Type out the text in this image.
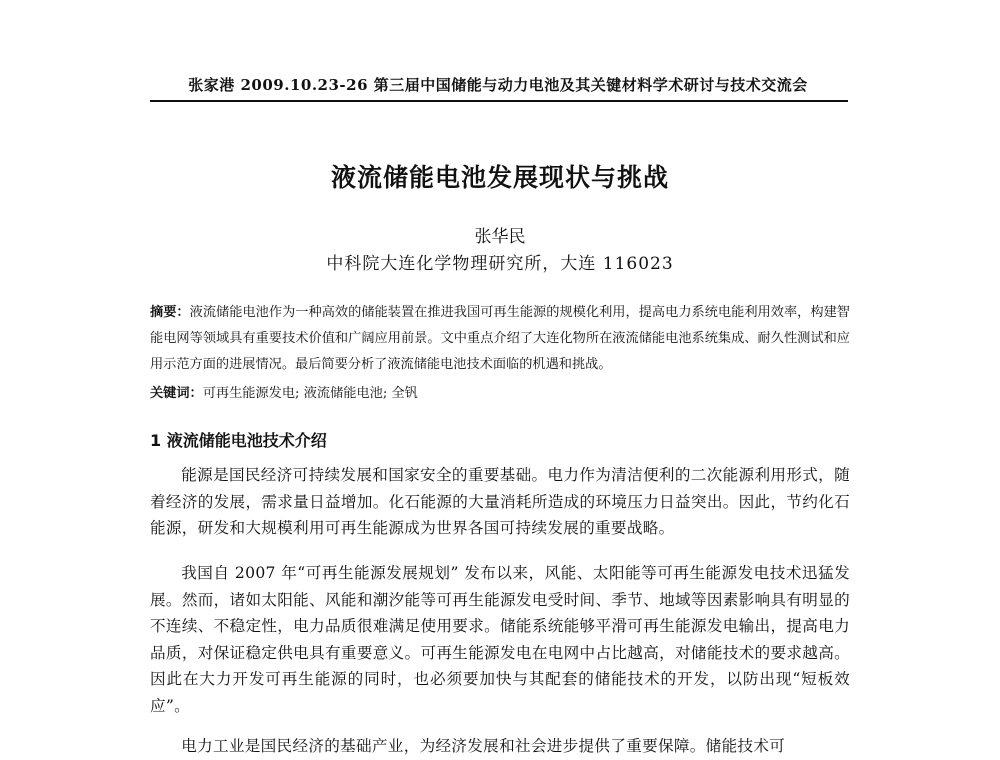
张家港 2009.10.23-26 第三届中国储能与动力电池及其关键材料学术研讨与技术交流会
液流储能电池发展现状与挑战
张华民
中科院大连化学物理研究所，大连 116023
摘要：液流储能电池作为一种高效的储能装置在推进我国可再生能源的规模化利用，提高电力系统电能利用效率，构建智能电网等领域具有重要技术价值和广阔应用前景。文中重点介绍了大连化物所在液流储能电池系统集成、耐久性测试和应用示范方面的进展情况。最后简要分析了液流储能电池技术面临的机遇和挑战。
关键词：可再生能源发电; 液流储能电池; 全钒
1 液流储能电池技术介绍
能源是国民经济可持续发展和国家安全的重要基础。电力作为清洁便利的二次能源利用形式，随着经济的发展，需求量日益增加。化石能源的大量消耗所造成的环境压力日益突出。因此，节约化石能源，研发和大规模利用可再生能源成为世界各国可持续发展的重要战略。
我国自 2007 年“可再生能源发展规划” 发布以来，风能、太阳能等可再生能源发电技术迅猛发展。然而，诸如太阳能、风能和潮汐能等可再生能源发电受时间、季节、地域等因素影响具有明显的不连续、不稳定性，电力品质很难满足使用要求。储能系统能够平滑可再生能源发电输出，提高电力品质，对保证稳定供电具有重要意义。可再生能源发电在电网中占比越高，对储能技术的要求越高。因此在大力开发可再生能源的同时，也必须要加快与其配套的储能技术的开发，以防出现“短板效应”。
电力工业是国民经济的基础产业，为经济发展和社会进步提供了重要保障。储能技术可
